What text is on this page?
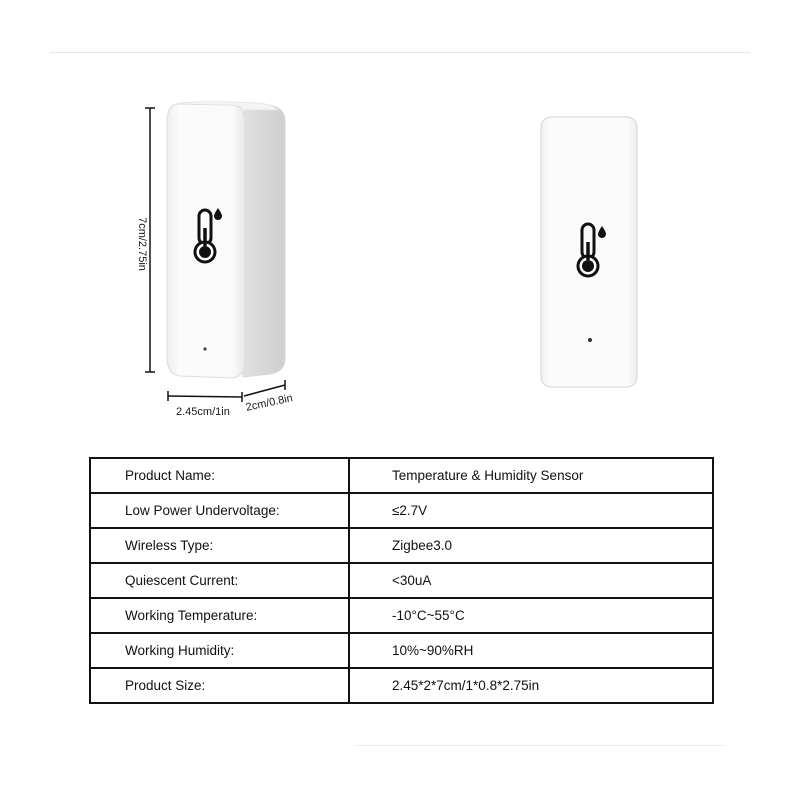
7cm/2.75in
2.45cm/1in 2cm/0.8in
Product Name:	Temperature & Humidity Sensor
Low Power Undervoltage:	≤2.7V
Wireless Type:	Zigbee3.0
Quiescent Current:	<30uA
Working Temperature:	-10°C~55°C
Working Humidity:	10%~90%RH
Product Size:	2.45*2*7cm/1*0.8*2.75in
